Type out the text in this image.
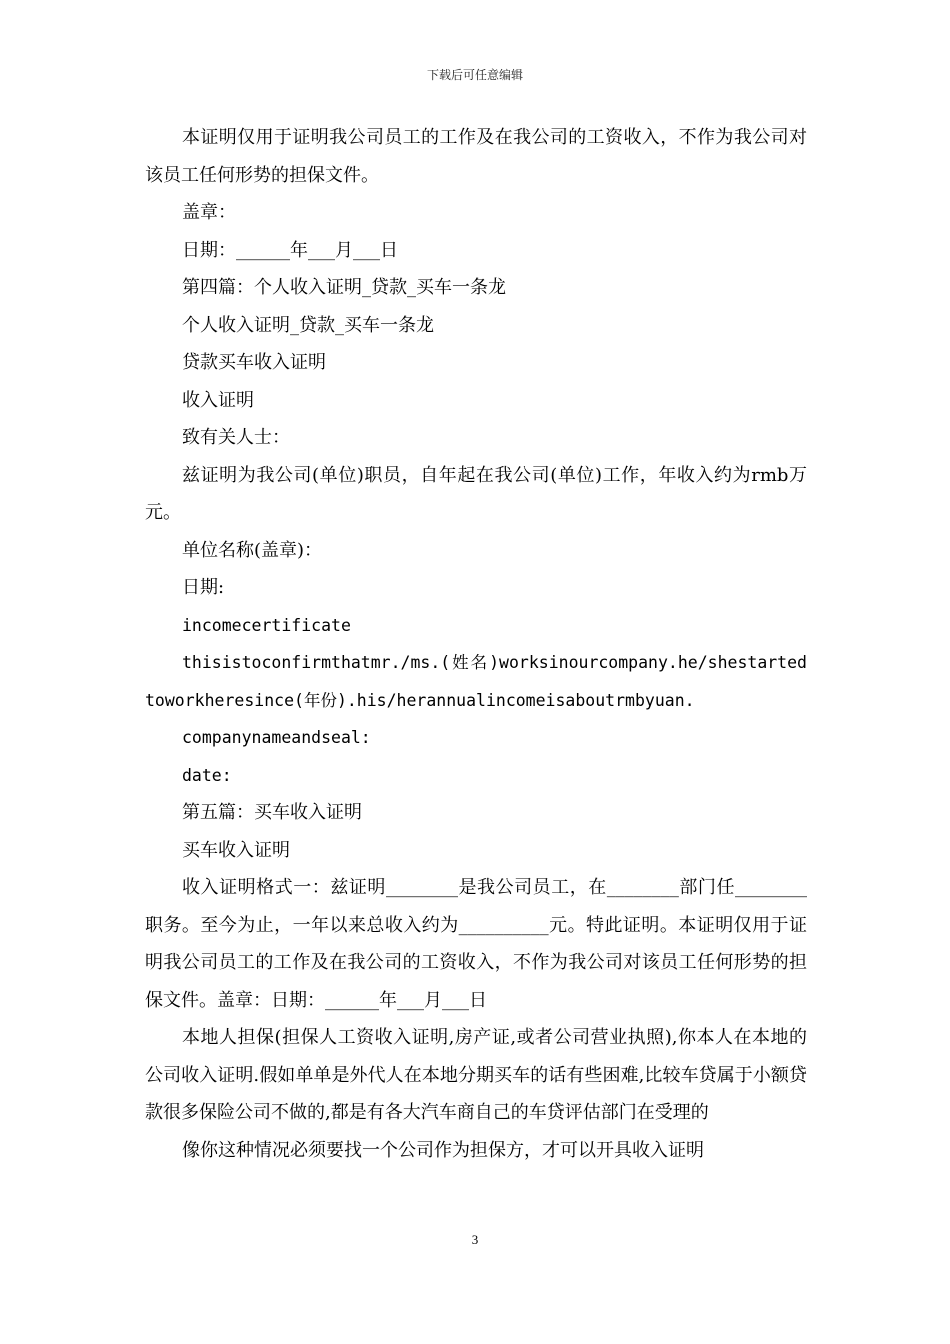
下载后可任意编辑

本证明仅用于证明我公司员工的工作及在我公司的工资收入，不作为我公司对该员工任何形势的担保文件。

盖章：

日期：______年___月___日

第四篇：个人收入证明_贷款_买车一条龙

个人收入证明_贷款_买车一条龙

贷款买车收入证明

收入证明

致有关人士：

兹证明为我公司(单位)职员，自年起在我公司(单位)工作，年收入约为rmb万元。

单位名称(盖章)：

日期:

incomecertificate

thisistoconfirmthatmr./ms.(姓名)worksinourcompany.he/shestartedtoworkheresince(年份).his/herannualincomeisaboutrmbyuan.

companynameandseal:

date:

第五篇：买车收入证明

买车收入证明

收入证明格式一：兹证明________是我公司员工，在________部门任________职务。至今为止，一年以来总收入约为__________元。特此证明。本证明仅用于证明我公司员工的工作及在我公司的工资收入，不作为我公司对该员工任何形势的担保文件。盖章：日期：______年___月___日

本地人担保(担保人工资收入证明,房产证,或者公司营业执照),你本人在本地的公司收入证明.假如单单是外代人在本地分期买车的话有些困难,比较车贷属于小额贷款很多保险公司不做的,都是有各大汽车商自己的车贷评估部门在受理的

像你这种情况必须要找一个公司作为担保方，才可以开具收入证明

3
